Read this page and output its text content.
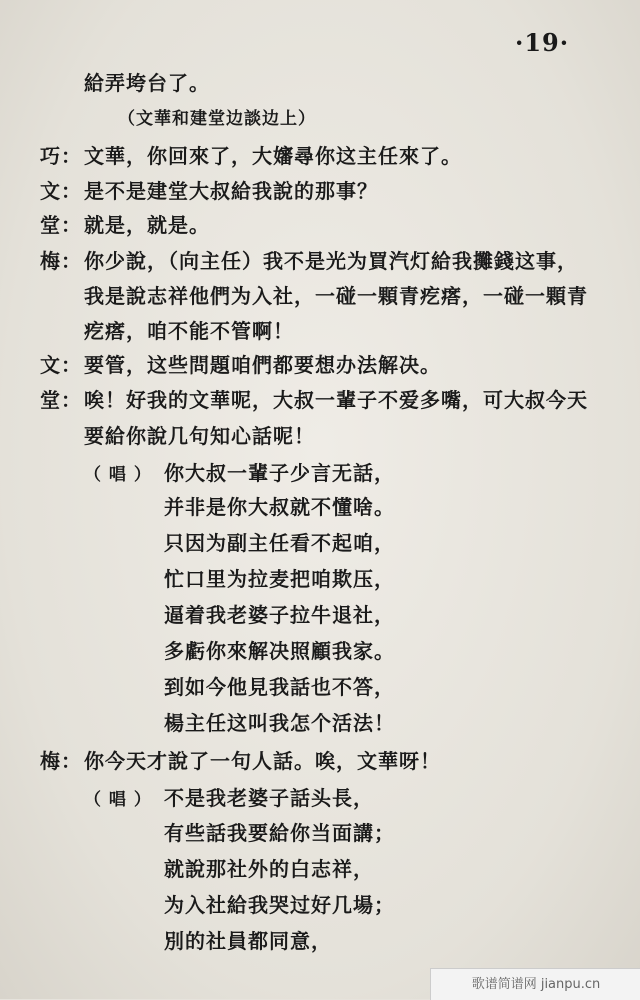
·19·
給弄垮台了。
（文華和建堂边談边上）
巧： 文華，你回來了，大嬸尋你这主任來了。
文： 是不是建堂大叔給我說的那事？
堂： 就是，就是。
梅： 你少說，（向主任）我不是光为買汽灯給我攤錢这事，
我是說志祥他們为入社，一碰一顆青疙瘩，一碰一顆青
疙瘩，咱不能不管啊！
文： 要管，这些問題咱們都要想办法解决。
堂： 唉！好我的文華呢，大叔一輩子不爱多嘴，可大叔今天
要給你說几句知心話呢！
（ 唱 ） 你大叔一輩子少言无話，
并非是你大叔就不懂啥。
只因为副主任看不起咱，
忙口里为拉麦把咱欺压，
逼着我老婆子拉牛退社，
多虧你來解决照顧我家。
到如今他見我話也不答，
楊主任这叫我怎个活法！
梅： 你今天才說了一句人話。唉，文華呀！
（ 唱 ） 不是我老婆子話头長，
有些話我要給你当面講；
就說那社外的白志祥，
为入社給我哭过好几場；
別的社員都同意，
歌谱简谱网 jianpu.cn
